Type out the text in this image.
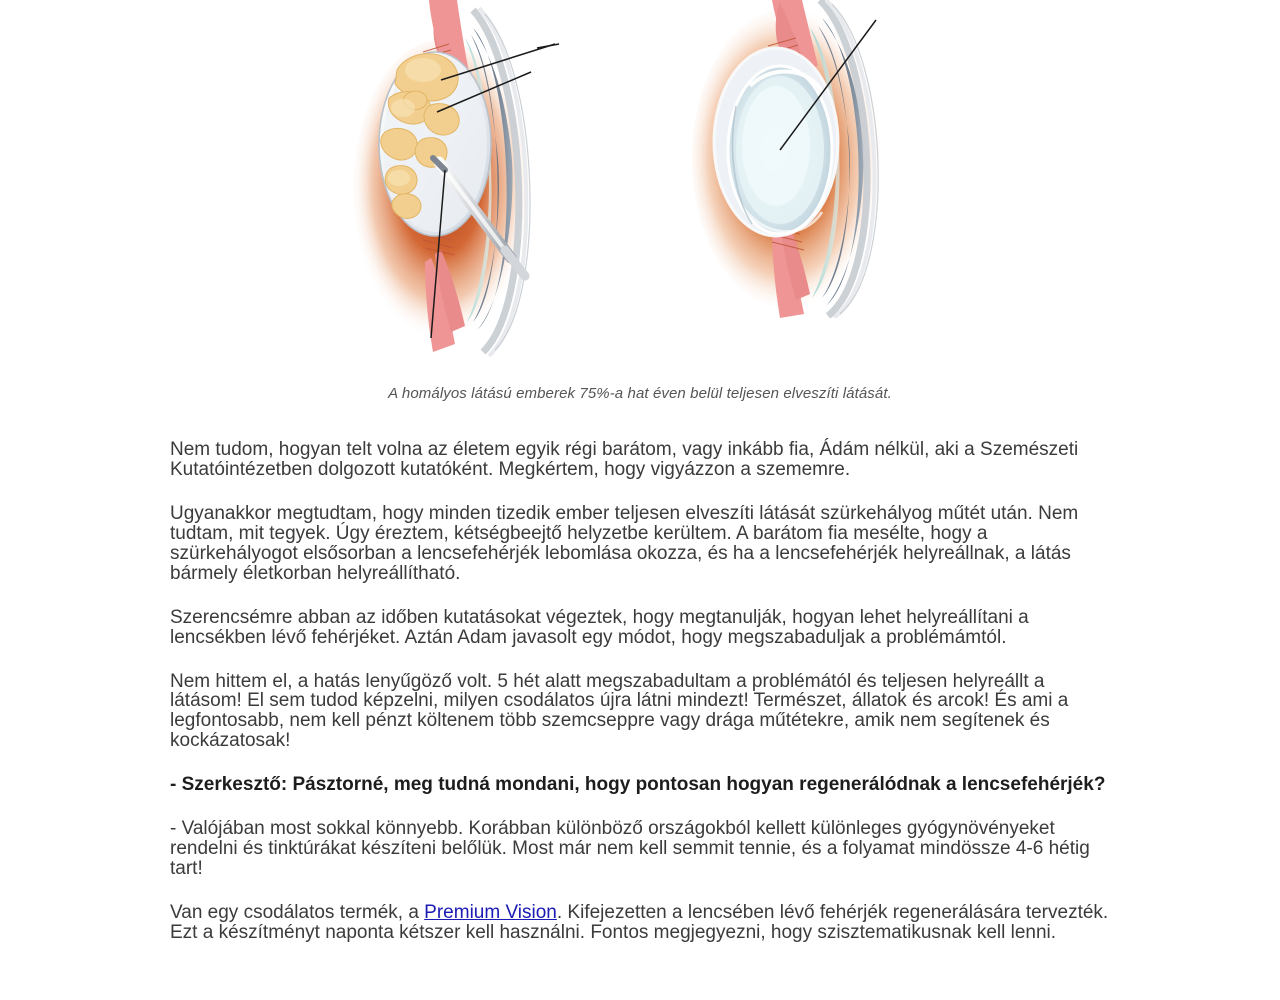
A homályos látású emberek 75%-a hat éven belül teljesen elveszíti látását.

Nem tudom, hogyan telt volna az életem egyik régi barátom, vagy inkább fia, Ádám nélkül, aki a Szemészeti Kutatóintézetben dolgozott kutatóként. Megkértem, hogy vigyázzon a szememre.

Ugyanakkor megtudtam, hogy minden tizedik ember teljesen elveszíti látását szürkehályog műtét után. Nem tudtam, mit tegyek. Úgy éreztem, kétségbeejtő helyzetbe kerültem. A barátom fia mesélte, hogy a szürkehályogot elsősorban a lencsefehérjék lebomlása okozza, és ha a lencsefehérjék helyreállnak, a látás bármely életkorban helyreállítható.

Szerencsémre abban az időben kutatásokat végeztek, hogy megtanulják, hogyan lehet helyreállítani a lencsékben lévő fehérjéket. Aztán Adam javasolt egy módot, hogy megszabaduljak a problémámtól.

Nem hittem el, a hatás lenyűgöző volt. 5 hét alatt megszabadultam a problémától és teljesen helyreállt a látásom! El sem tudod képzelni, milyen csodálatos újra látni mindezt! Természet, állatok és arcok! És ami a legfontosabb, nem kell pénzt költenem több szemcseppre vagy drága műtétekre, amik nem segítenek és kockázatosak!

- Szerkesztő: Pásztorné, meg tudná mondani, hogy pontosan hogyan regenerálódnak a lencsefehérjék?

- Valójában most sokkal könnyebb. Korábban különböző országokból kellett különleges gyógynövényeket rendelni és tinktúrákat készíteni belőlük. Most már nem kell semmit tennie, és a folyamat mindössze 4-6 hétig tart!

Van egy csodálatos termék, a Premium Vision. Kifejezetten a lencsében lévő fehérjék regenerálására tervezték. Ezt a készítményt naponta kétszer kell használni. Fontos megjegyezni, hogy szisztematikusnak kell lenni.
